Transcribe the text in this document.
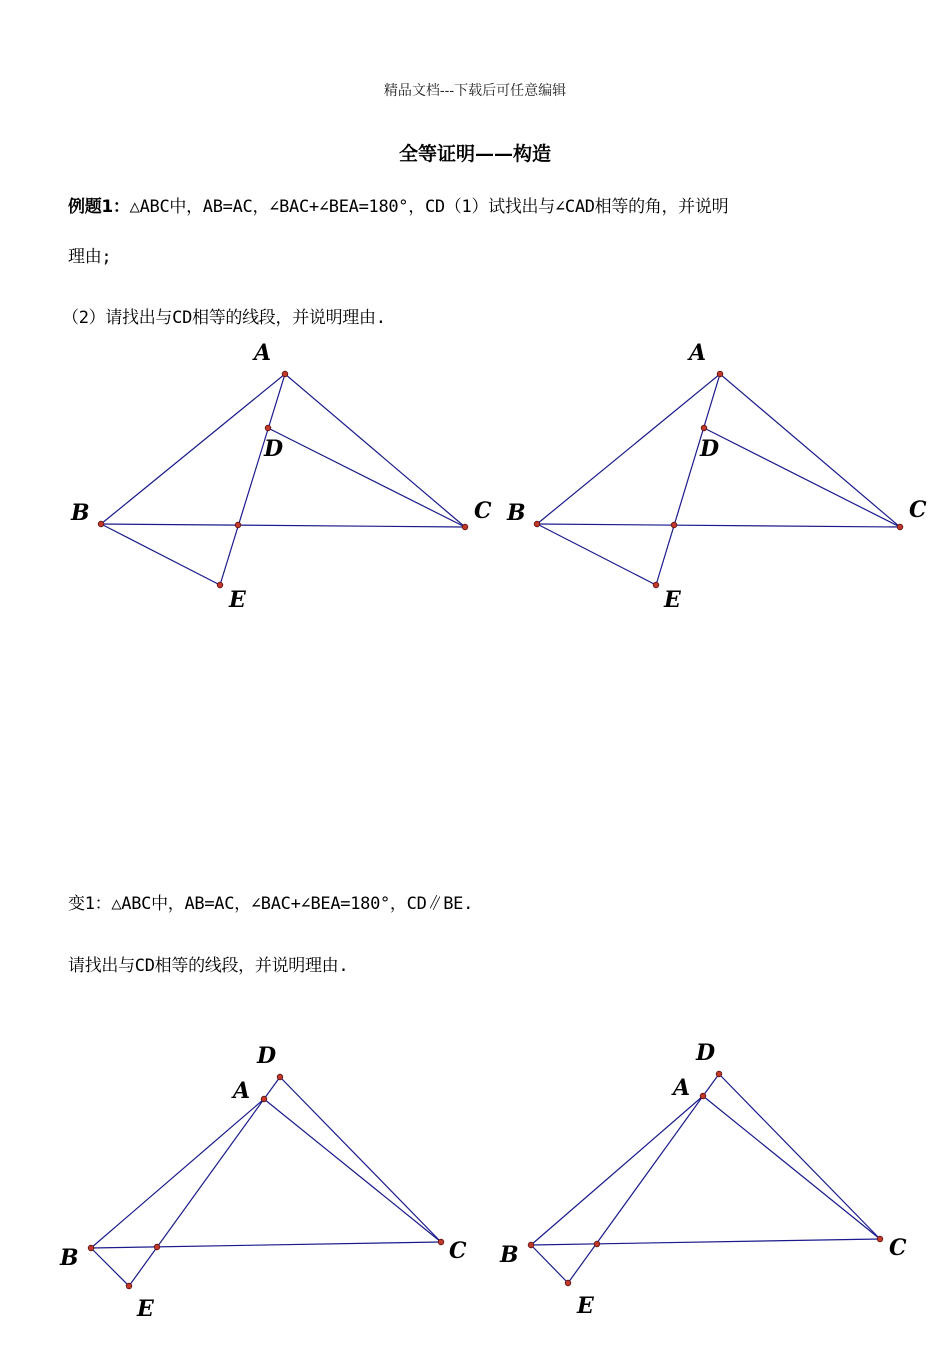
精品文档---下载后可任意编辑
全等证明——构造
例题1：△ABC中，AB=AC，∠BAC+∠BEA=180°，CD（1）试找出与∠CAD相等的角，并说明
理由;
（2）请找出与CD相等的线段，并说明理由.
A
D
B	C
E
A
D
B	C
E
变1：△ABC中，AB=AC，∠BAC+∠BEA=180°，CD∥BE.
请找出与CD相等的线段，并说明理由.
D
A
B	C
E
D
A
B	C
E
